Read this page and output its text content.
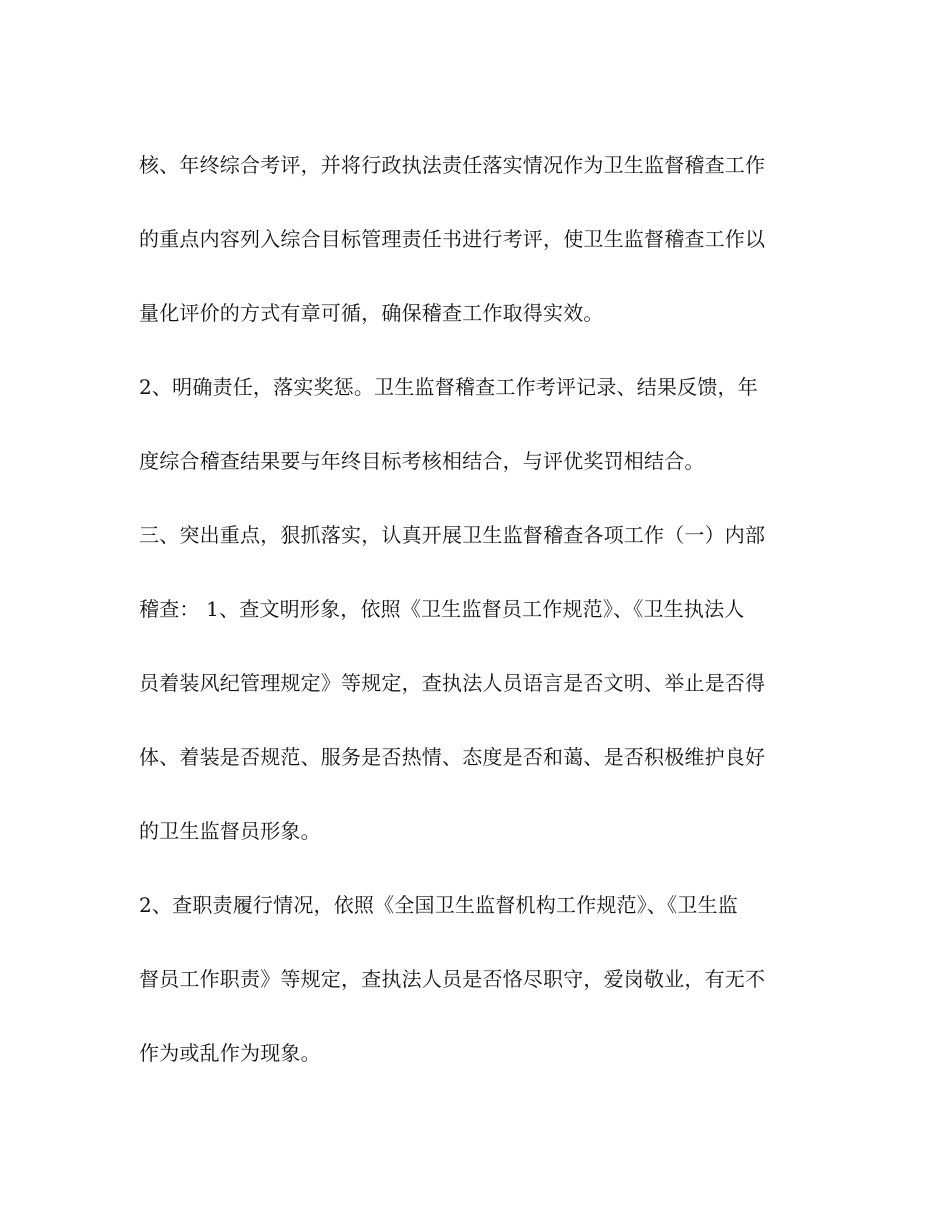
核、年终综合考评，并将行政执法责任落实情况作为卫生监督稽查工作
的重点内容列入综合目标管理责任书进行考评，使卫生监督稽查工作以
量化评价的方式有章可循，确保稽查工作取得实效。
2、明确责任，落实奖惩。卫生监督稽查工作考评记录、结果反馈，年
度综合稽查结果要与年终目标考核相结合，与评优奖罚相结合。
三、突出重点，狠抓落实，认真开展卫生监督稽查各项工作（一）内部
稽查： 1、查文明形象，依照《卫生监督员工作规范》、《卫生执法人
员着装风纪管理规定》等规定，查执法人员语言是否文明、举止是否得
体、着装是否规范、服务是否热情、态度是否和蔼、是否积极维护良好
的卫生监督员形象。
2、查职责履行情况，依照《全国卫生监督机构工作规范》、《卫生监
督员工作职责》等规定，查执法人员是否恪尽职守，爱岗敬业，有无不
作为或乱作为现象。
